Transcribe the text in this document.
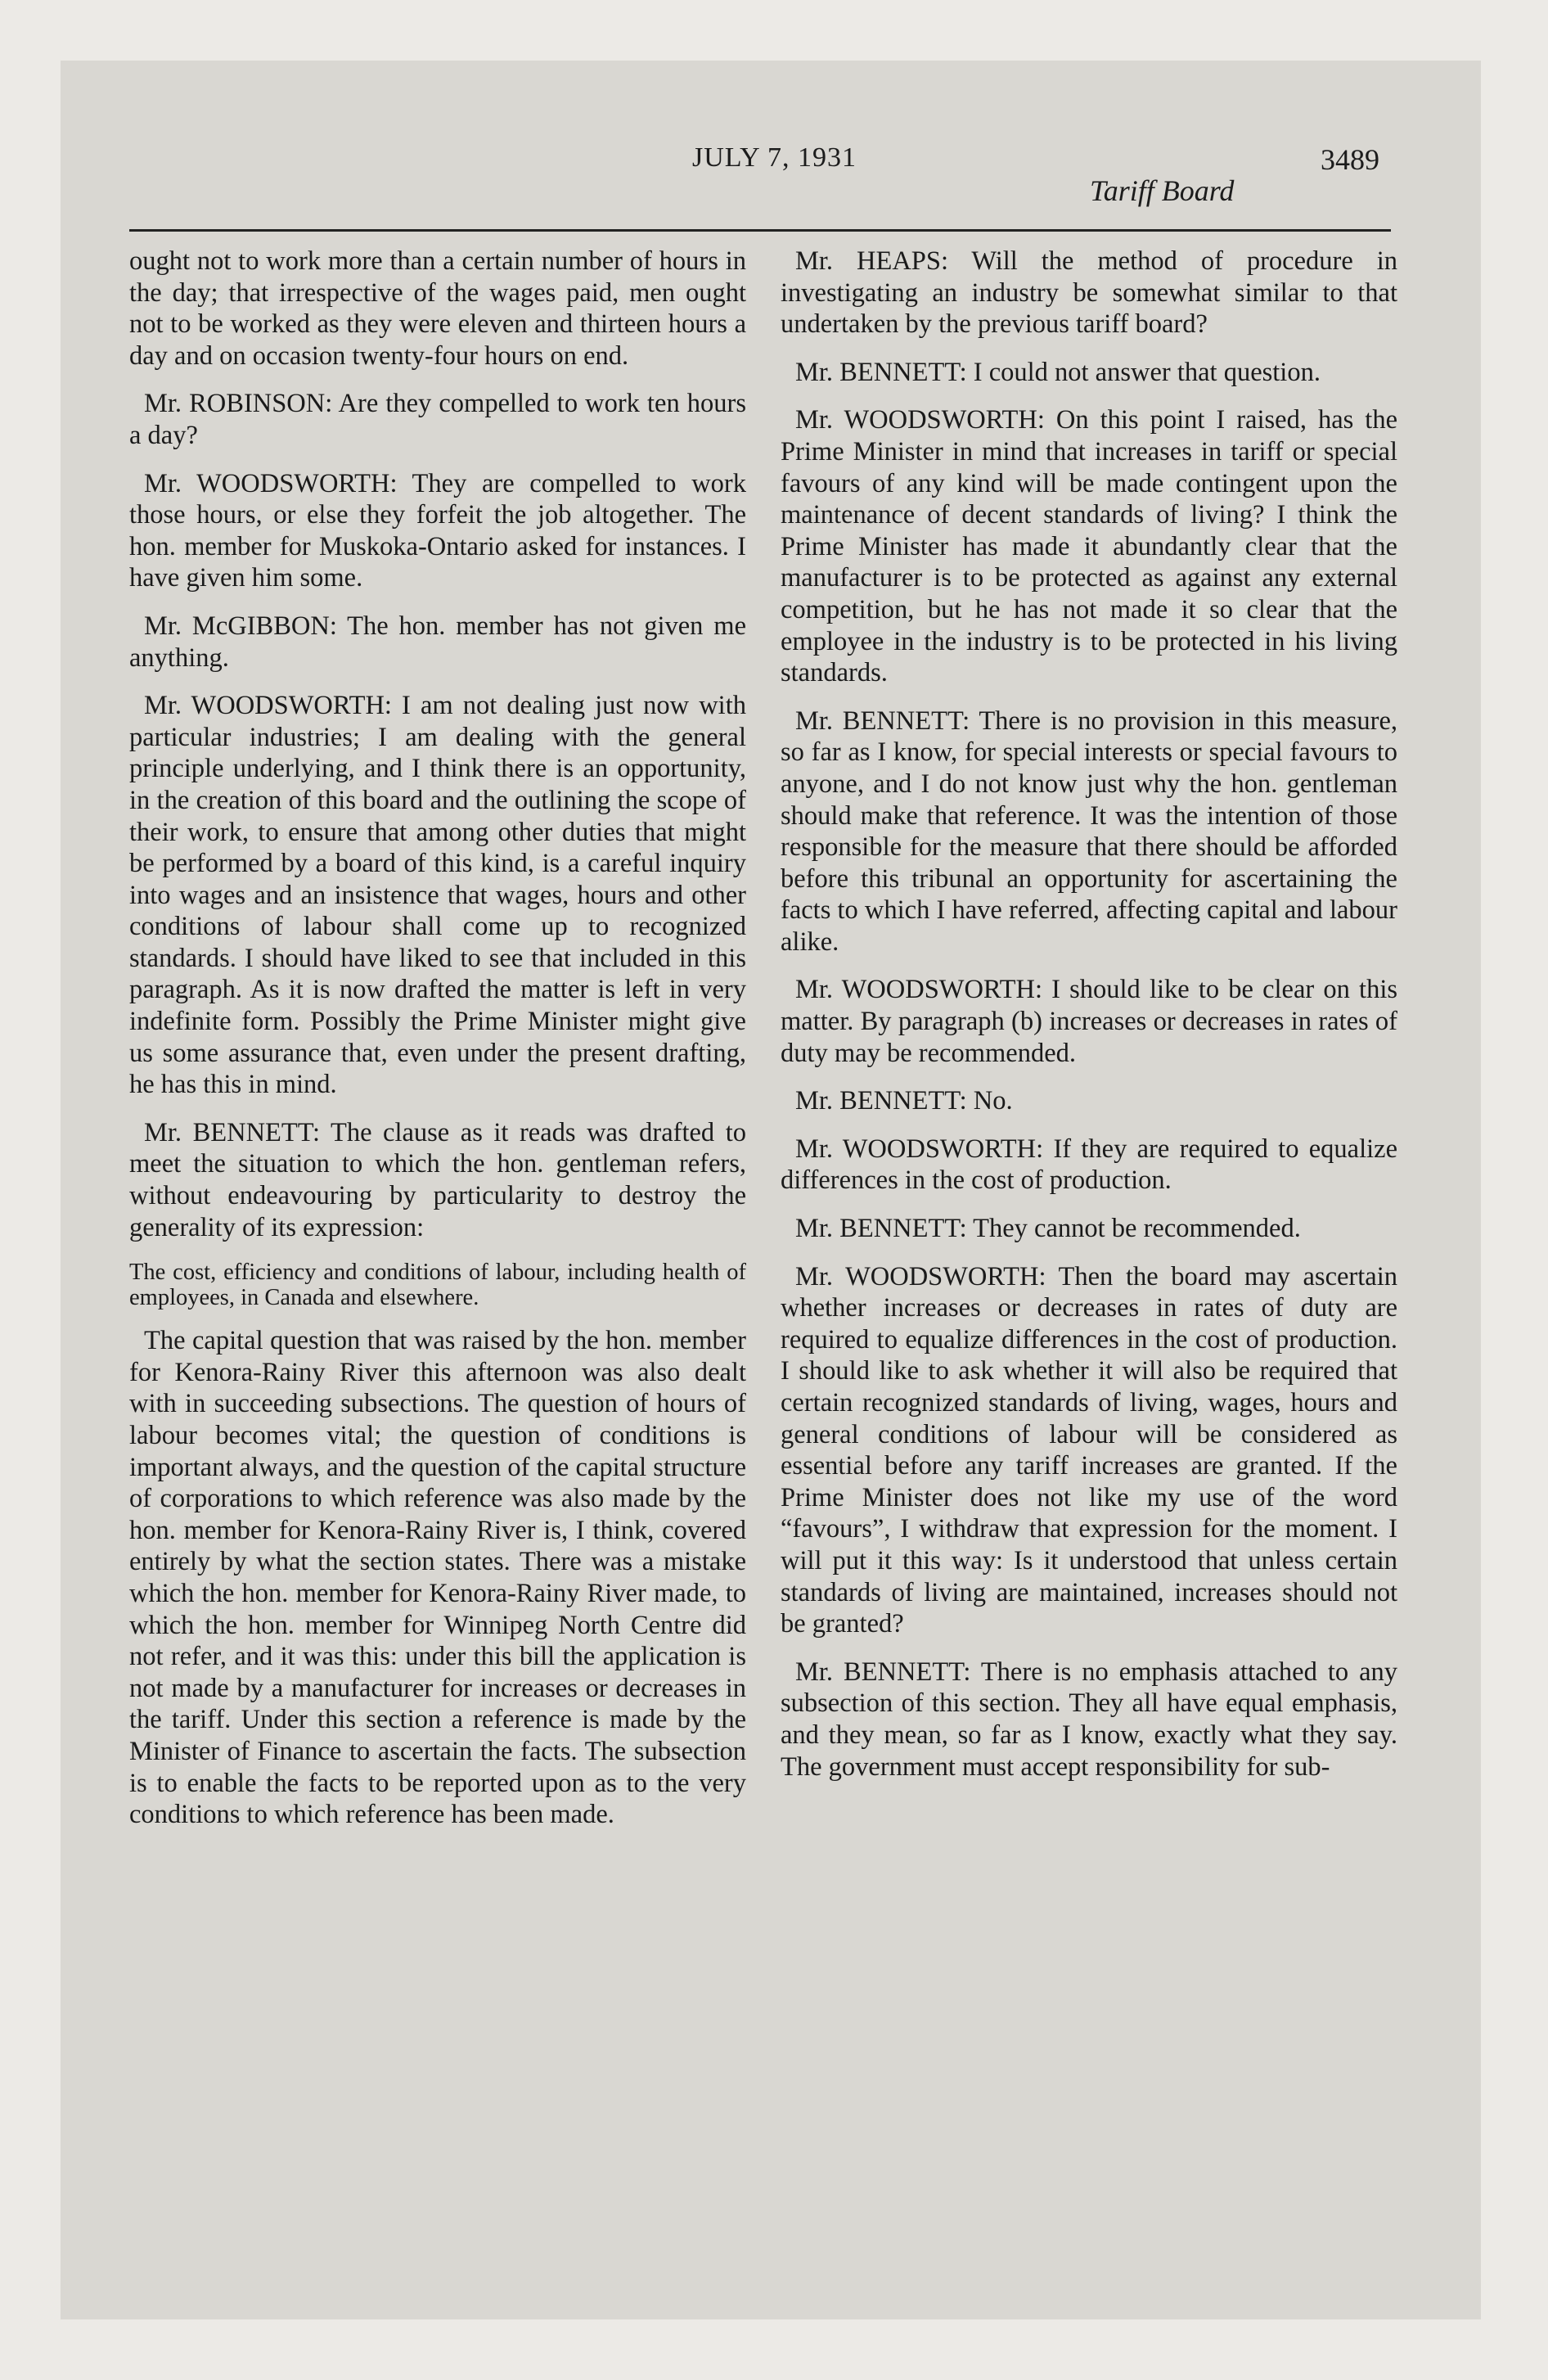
JULY 7, 1931
Tariff Board
3489

ought not to work more than a certain number of hours in the day; that irrespective of the wages paid, men ought not to be worked as they were eleven and thirteen hours a day and on occasion twenty-four hours on end.

Mr. ROBINSON: Are they compelled to work ten hours a day?

Mr. WOODSWORTH: They are compelled to work those hours, or else they forfeit the job altogether. The hon. member for Muskoka-Ontario asked for instances. I have given him some.

Mr. McGIBBON: The hon. member has not given me anything.

Mr. WOODSWORTH: I am not dealing just now with particular industries; I am dealing with the general principle underlying, and I think there is an opportunity, in the creation of this board and the outlining the scope of their work, to ensure that among other duties that might be performed by a board of this kind, is a careful inquiry into wages and an insistence that wages, hours and other conditions of labour shall come up to recognized standards. I should have liked to see that included in this paragraph. As it is now drafted the matter is left in very indefinite form. Possibly the Prime Minister might give us some assurance that, even under the present drafting, he has this in mind.

Mr. BENNETT: The clause as it reads was drafted to meet the situation to which the hon. gentleman refers, without endeavouring by particularity to destroy the generality of its expression:

The cost, efficiency and conditions of labour, including health of employees, in Canada and elsewhere.

The capital question that was raised by the hon. member for Kenora-Rainy River this afternoon was also dealt with in succeeding subsections. The question of hours of labour becomes vital; the question of conditions is important always, and the question of the capital structure of corporations to which reference was also made by the hon. member for Kenora-Rainy River is, I think, covered entirely by what the section states. There was a mistake which the hon. member for Kenora-Rainy River made, to which the hon. member for Winnipeg North Centre did not refer, and it was this: under this bill the application is not made by a manufacturer for increases or decreases in the tariff. Under this section a reference is made by the Minister of Finance to ascertain the facts. The subsection is to enable the facts to be reported upon as to the very conditions to which reference has been made.

Mr. HEAPS: Will the method of procedure in investigating an industry be somewhat similar to that undertaken by the previous tariff board?

Mr. BENNETT: I could not answer that question.

Mr. WOODSWORTH: On this point I raised, has the Prime Minister in mind that increases in tariff or special favours of any kind will be made contingent upon the maintenance of decent standards of living? I think the Prime Minister has made it abundantly clear that the manufacturer is to be protected as against any external competition, but he has not made it so clear that the employee in the industry is to be protected in his living standards.

Mr. BENNETT: There is no provision in this measure, so far as I know, for special interests or special favours to anyone, and I do not know just why the hon. gentleman should make that reference. It was the intention of those responsible for the measure that there should be afforded before this tribunal an opportunity for ascertaining the facts to which I have referred, affecting capital and labour alike.

Mr. WOODSWORTH: I should like to be clear on this matter. By paragraph (b) increases or decreases in rates of duty may be recommended.

Mr. BENNETT: No.

Mr. WOODSWORTH: If they are required to equalize differences in the cost of production.

Mr. BENNETT: They cannot be recommended.

Mr. WOODSWORTH: Then the board may ascertain whether increases or decreases in rates of duty are required to equalize differences in the cost of production. I should like to ask whether it will also be required that certain recognized standards of living, wages, hours and general conditions of labour will be considered as essential before any tariff increases are granted. If the Prime Minister does not like my use of the word “favours”, I withdraw that expression for the moment. I will put it this way: Is it understood that unless certain standards of living are maintained, increases should not be granted?

Mr. BENNETT: There is no emphasis attached to any subsection of this section. They all have equal emphasis, and they mean, so far as I know, exactly what they say. The government must accept responsibility for sub-
